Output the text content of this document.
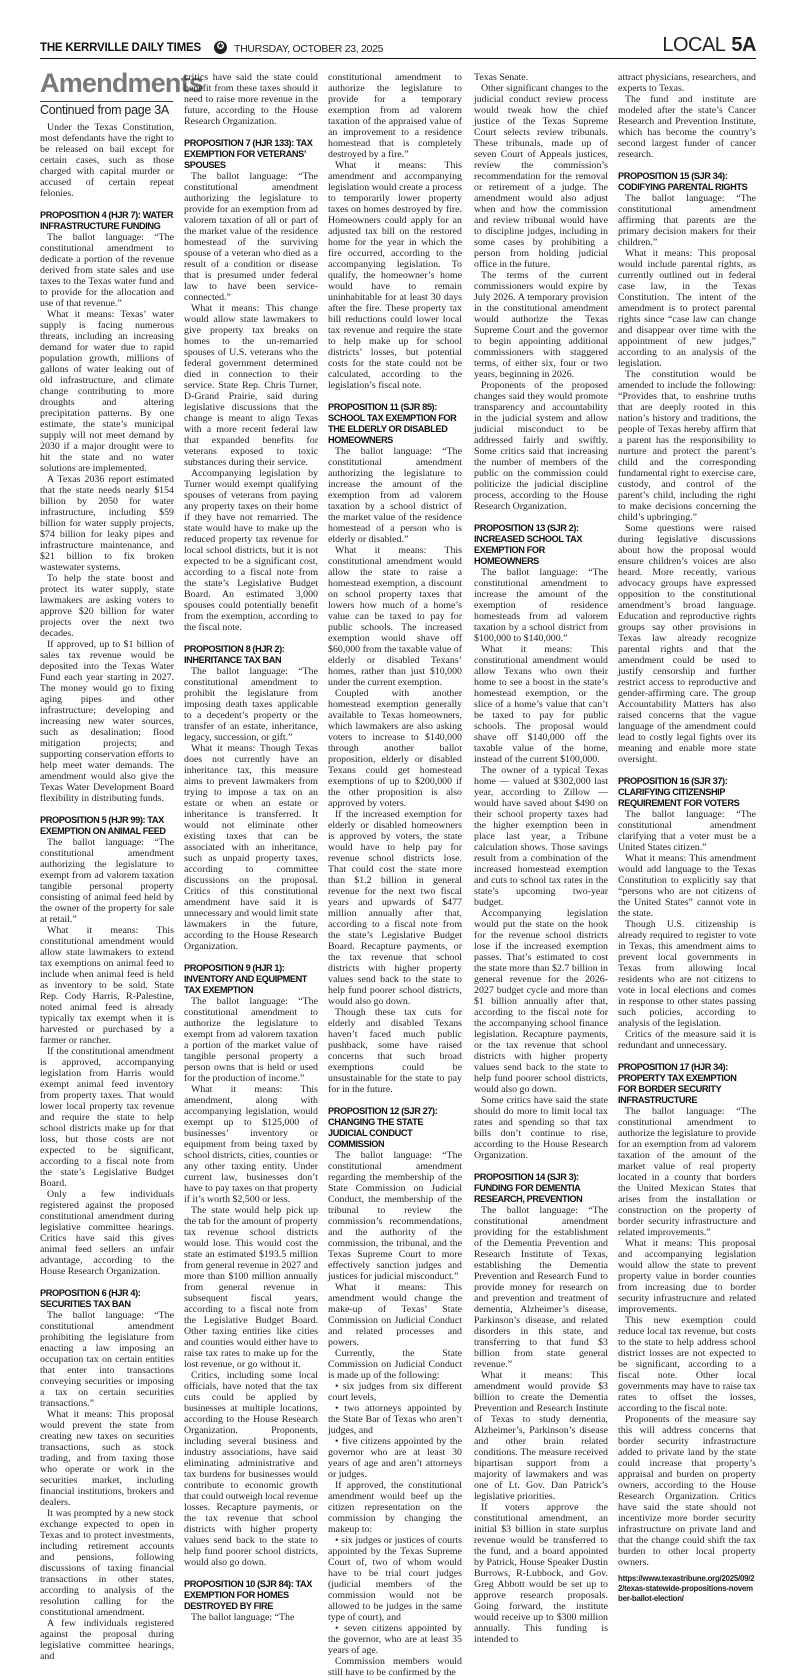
THE KERRVILLE DAILY TIMES	✪ THURSDAY, OCTOBER 23, 2025	LOCAL 5A
Amendments
Continued from page 3A

Under the Texas Constitution, most defendants have the right to be released on bail except for certain cases, such as those charged with capital murder or accused of certain repeat felonies.

PROPOSITION 4 (HJR 7): WATER INFRASTRUCTURE FUNDING

The ballot language: “The constitutional amendment to dedicate a portion of the revenue derived from state sales and use taxes to the Texas water fund and to provide for the allocation and use of that revenue.”

What it means: Texas’ water supply is facing numerous threats, including an increasing demand for water due to rapid population growth, millions of gallons of water leaking out of old infrastructure, and climate change contributing to more droughts and altering precipitation patterns. By one estimate, the state’s municipal supply will not meet demand by 2030 if a major drought were to hit the state and no water solutions are implemented.

A Texas 2036 report estimated that the state needs nearly $154 billion by 2050 for water infrastructure, including $59 billion for water supply projects, $74 billion for leaky pipes and infrastructure maintenance, and $21 billion to fix broken wastewater systems.

To help the state boost and protect its water supply, state lawmakers are asking voters to approve $20 billion for water projects over the next two decades.

If approved, up to $1 billion of sales tax revenue would be deposited into the Texas Water Fund each year starting in 2027. The money would go to fixing aging pipes and other infrastructure; developing and increasing new water sources, such as desalination; flood mitigation projects; and supporting conservation efforts to help meet water demands. The amendment would also give the Texas Water Development Board flexibility in distributing funds.

PROPOSITION 5 (HJR 99): TAX EXEMPTION ON ANIMAL FEED

The ballot language: “The constitutional amendment authorizing the legislature to exempt from ad valorem taxation tangible personal property consisting of animal feed held by the owner of the property for sale at retail.”

What it means: This constitutional amendment would allow state lawmakers to extend tax exemptions on animal feed to include when animal feed is held as inventory to be sold. State Rep. Cody Harris, R-Palestine, noted animal feed is already typically tax exempt when it is harvested or purchased by a farmer or rancher.

If the constitutional amendment is approved, accompanying legislation from Harris would exempt animal feed inventory from property taxes. That would lower local property tax revenue and require the state to help school districts make up for that loss, but those costs are not expected to be significant, according to a fiscal note from the state’s Legislative Budget Board.

Only a few individuals registered against the proposed constitutional amendment during legislative committee hearings. Critics have said this gives animal feed sellers an unfair advantage, according to the House Research Organization.

PROPOSITION 6 (HJR 4): SECURITIES TAX BAN

The ballot language: “The constitutional amendment prohibiting the legislature from enacting a law imposing an occupation tax on certain entities that enter into transactions conveying securities or imposing a tax on certain securities transactions.”

What it means: This proposal would prevent the state from creating new taxes on securities transactions, such as stock trading, and from taxing those who operate or work in the securities market, including financial institutions, brokers and dealers.

It was prompted by a new stock exchange expected to open in Texas and to protect investments, including retirement accounts and pensions, following discussions of taxing financial transactions in other states, according to analysis of the resolution calling for the constitutional amendment.

A few individuals registered against the proposal during legislative committee hearings, and

critics have said the state could benefit from these taxes should it need to raise more revenue in the future, according to the House Research Organization.

PROPOSITION 7 (HJR 133): TAX EXEMPTION FOR VETERANS’ SPOUSES

The ballot language: “The constitutional amendment authorizing the legislature to provide for an exemption from ad valorem taxation of all or part of the market value of the residence homestead of the surviving spouse of a veteran who died as a result of a condition or disease that is presumed under federal law to have been service-connected.”

What it means: This change would allow state lawmakers to give property tax breaks on homes to the un-remarried spouses of U.S. veterans who the federal government determined died in connection to their service. State Rep. Chris Turner, D-Grand Prairie, said during legislative discussions that the change is meant to align Texas with a more recent federal law that expanded benefits for veterans exposed to toxic substances during their service.

Accompanying legislation by Turner would exempt qualifying spouses of veterans from paying any property taxes on their home if they have not remarried. The state would have to make up the reduced property tax revenue for local school districts, but it is not expected to be a significant cost, according to a fiscal note from the state’s Legislative Budget Board. An estimated 3,000 spouses could potentially benefit from the exemption, according to the fiscal note.

PROPOSITION 8 (HJR 2): INHERITANCE TAX BAN

The ballot language: “The constitutional amendment to prohibit the legislature from imposing death taxes applicable to a decedent’s property or the transfer of an estate, inheritance, legacy, succession, or gift.”

What it means: Though Texas does not currently have an inheritance tax, this measure aims to prevent lawmakers from trying to impose a tax on an estate or when an estate or inheritance is transferred. It would not eliminate other existing taxes that can be associated with an inheritance, such as unpaid property taxes, according to committee discussions on the proposal. Critics of this constitutional amendment have said it is unnecessary and would limit state lawmakers in the future, according to the House Research Organization.

PROPOSITION 9 (HJR 1): INVENTORY AND EQUIPMENT TAX EXEMPTION

The ballot language: “The constitutional amendment to authorize the legislature to exempt from ad valorem taxation a portion of the market value of tangible personal property a person owns that is held or used for the production of income.”

What it means: This amendment, along with accompanying legislation, would exempt up to $125,000 of businesses’ inventory or equipment from being taxed by school districts, cities, counties or any other taxing entity. Under current law, businesses don’t have to pay taxes on that property if it’s worth $2,500 or less.

The state would help pick up the tab for the amount of property tax revenue school districts would lose. This would cost the state an estimated $193.5 million from general revenue in 2027 and more than $100 million annually from general revenue in subsequent fiscal years, according to a fiscal note from the Legislative Budget Board. Other taxing entities like cities and counties would either have to raise tax rates to make up for the lost revenue, or go without it.

Critics, including some local officials, have noted that the tax cuts could be applied by businesses at multiple locations, according to the House Research Organization. Proponents, including several business and industry associations, have said eliminating administrative and tax burdens for businesses would contribute to economic growth that could outweigh local revenue losses. Recapture payments, or the tax revenue that school districts with higher property values send back to the state to help fund poorer school districts, would also go down.

PROPOSITION 10 (SJR 84): TAX EXEMPTION FOR HOMES DESTROYED BY FIRE

The ballot language: “The

constitutional amendment to authorize the legislature to provide for a temporary exemption from ad valorem taxation of the appraised value of an improvement to a residence homestead that is completely destroyed by a fire.”

What it means: This amendment and accompanying legislation would create a process to temporarily lower property taxes on homes destroyed by fire. Homeowners could apply for an adjusted tax bill on the restored home for the year in which the fire occurred, according to the accompanying legislation. To qualify, the homeowner’s home would have to remain uninhabitable for at least 30 days after the fire. These property tax bill reductions could lower local tax revenue and require the state to help make up for school districts’ losses, but potential costs for the state could not be calculated, according to the legislation’s fiscal note.

PROPOSITION 11 (SJR 85): SCHOOL TAX EXEMPTION FOR THE ELDERLY OR DISABLED HOMEOWNERS

The ballot language: “The constitutional amendment authorizing the legislature to increase the amount of the exemption from ad valorem taxation by a school district of the market value of the residence homestead of a person who is elderly or disabled.”

What it means: This constitutional amendment would allow the state to raise a homestead exemption, a discount on school property taxes that lowers how much of a home’s value can be taxed to pay for public schools. The increased exemption would shave off $60,000 from the taxable value of elderly or disabled Texans’ homes, rather than just $10,000 under the current exemption.

Coupled with another homestead exemption generally available to Texas homeowners, which lawmakers are also asking voters to increase to $140,000 through another ballot proposition, elderly or disabled Texans could get homestead exemptions of up to $200,000 if the other proposition is also approved by voters.

If the increased exemption for elderly or disabled homeowners is approved by voters, the state would have to help pay for revenue school districts lose. That could cost the state more than $1.2 billion in general revenue for the next two fiscal years and upwards of $477 million annually after that, according to a fiscal note from the state’s Legislative Budget Board. Recapture payments, or the tax revenue that school districts with higher property values send back to the state to help fund poorer school districts, would also go down.

Though these tax cuts for elderly and disabled Texans haven’t faced much public pushback, some have raised concerns that such broad exemptions could be unsustainable for the state to pay for in the future.

PROPOSITION 12 (SJR 27): CHANGING THE STATE JUDICIAL CONDUCT COMMISSION

The ballot language: “The constitutional amendment regarding the membership of the State Commission on Judicial Conduct, the membership of the tribunal to review the commission’s recommendations, and the authority of the commission, the tribunal, and the Texas Supreme Court to more effectively sanction judges and justices for judicial misconduct.”

What it means: This amendment would change the make-up of Texas’ State Commission on Judicial Conduct and related processes and powers.

Currently, the State Commission on Judicial Conduct is made up of the following:

• six judges from six different court levels,

• two attorneys appointed by the State Bar of Texas who aren’t judges, and

• five citizens appointed by the governor who are at least 30 years of age and aren’t attorneys or judges.

If approved, the constitutional amendment would beef up the citizen representation on the commission by changing the makeup to:

• six judges or justices of courts appointed by the Texas Supreme Court of, two of whom would have to be trial court judges (judicial members of the commission would not be allowed to be judges in the same type of court), and

• seven citizens appointed by the governor, who are at least 35 years of age.

Commission members would still have to be confirmed by the

Texas Senate.

Other significant changes to the judicial conduct review process would tweak how the chief justice of the Texas Supreme Court selects review tribunals. These tribunals, made up of seven Court of Appeals justices, review the commission’s recommendation for the removal or retirement of a judge. The amendment would also adjust when and how the commission and review tribunal would have to discipline judges, including in some cases by prohibiting a person from holding judicial office in the future.

The terms of the current commissioners would expire by July 2026. A temporary provision in the constitutional amendment would authorize the Texas Supreme Court and the governor to begin appointing additional commissioners with staggered terms, of either six, four or two years, beginning in 2026.

Proponents of the proposed changes said they would promote transparency and accountability in the judicial system and allow judicial misconduct to be addressed fairly and swiftly. Some critics said that increasing the number of members of the public on the commission could politicize the judicial discipline process, according to the House Research Organization.

PROPOSITION 13 (SJR 2): INCREASED SCHOOL TAX EXEMPTION FOR HOMEOWNERS

The ballot language: “The constitutional amendment to increase the amount of the exemption of residence homesteads from ad valorem taxation by a school district from $100,000 to $140,000.”

What it means: This constitutional amendment would allow Texans who own their home to see a boost in the state’s homestead exemption, or the slice of a home’s value that can’t be taxed to pay for public schools. The proposal would shave off $140,000 off the taxable value of the home, instead of the current $100,000.

The owner of a typical Texas home — valued at $302,000 last year, according to Zillow — would have saved about $490 on their school property taxes had the higher exemption been in place last year, a Tribune calculation shows. Those savings result from a combination of the increased homestead exemption and cuts to school tax rates in the state’s upcoming two-year budget.

Accompanying legislation would put the state on the hook for the revenue school districts lose if the increased exemption passes. That’s estimated to cost the state more than $2.7 billion in general revenue for the 2026-2027 budget cycle and more than $1 billion annually after that, according to the fiscal note for the accompanying school finance legislation. Recapture payments, or the tax revenue that school districts with higher property values send back to the state to help fund poorer school districts, would also go down.

Some critics have said the state should do more to limit local tax rates and spending so that tax bills don’t continue to rise, according to the House Research Organization.

PROPOSITION 14 (SJR 3): FUNDING FOR DEMENTIA RESEARCH, PREVENTION

The ballot language: “The constitutional amendment providing for the establishment of the Dementia Prevention and Research Institute of Texas, establishing the Dementia Prevention and Research Fund to provide money for research on and prevention and treatment of dementia, Alzheimer’s disease, Parkinson’s disease, and related disorders in this state, and transferring to that fund $3 billion from state general revenue.”

What it means: This amendment would provide $3 billion to create the Dementia Prevention and Research Institute of Texas to study dementia, Alzheimer’s, Parkinson’s disease and other brain related conditions. The measure received bipartisan support from a majority of lawmakers and was one of Lt. Gov. Dan Patrick’s legislative priorities.

If voters approve the constitutional amendment, an initial $3 billion in state surplus revenue would be transferred to the fund, and a board appointed by Patrick, House Speaker Dustin Burrows, R-Lubbock, and Gov. Greg Abbott would be set up to approve research proposals. Going forward, the institute would receive up to $300 million annually. This funding is intended to

attract physicians, researchers, and experts to Texas.

The fund and institute are modeled after the state’s Cancer Research and Prevention Institute, which has become the country’s second largest funder of cancer research.

PROPOSITION 15 (SJR 34): CODIFYING PARENTAL RIGHTS

The ballot language: “The constitutional amendment affirming that parents are the primary decision makers for their children.”

What it means: This proposal would include parental rights, as currently outlined out in federal case law, in the Texas Constitution. The intent of the amendment is to protect parental rights since “case law can change and disappear over time with the appointment of new judges,” according to an analysis of the legislation.

The constitution would be amended to include the following: “Provides that, to enshrine truths that are deeply rooted in this nation’s history and traditions, the people of Texas hereby affirm that a parent has the responsibility to nurture and protect the parent’s child and the corresponding fundamental right to exercise care, custody, and control of the parent’s child, including the right to make decisions concerning the child’s upbringing.”

Some questions were raised during legislative discussions about how the proposal would ensure children’s voices are also heard. More recently, various advocacy groups have expressed opposition to the constitutional amendment’s broad language. Education and reproductive rights groups say other provisions in Texas law already recognize parental rights and that the amendment could be used to justify censorship and further restrict access to reproductive and gender-affirming care. The group Accountability Matters has also raised concerns that the vague language of the amendment could lead to costly legal fights over its meaning and enable more state oversight.

PROPOSITION 16 (SJR 37): CLARIFYING CITIZENSHIP REQUIREMENT FOR VOTERS

The ballot language: “The constitutional amendment clarifying that a voter must be a United States citizen.”

What it means: This amendment would add language to the Texas Constitution to explicitly say that “persons who are not citizens of the United States” cannot vote in the state.

Though U.S. citizenship is already required to register to vote in Texas, this amendment aims to prevent local governments in Texas from allowing local residents who are not citizens to vote in local elections and comes in response to other states passing such policies, according to analysis of the legislation.

Critics of the measure said it is redundant and unnecessary.

PROPOSITION 17 (HJR 34): PROPERTY TAX EXEMPTION FOR BORDER SECURITY INFRASTRUCTURE

The ballot language: “The constitutional amendment to authorize the legislature to provide for an exemption from ad valorem taxation of the amount of the market value of real property located in a county that borders the United Mexican States that arises from the installation or construction on the property of border security infrastructure and related improvements.”

What it means: This proposal and accompanying legislation would allow the state to prevent property value in border counties from increasing due to border security infrastructure and related improvements.

This new exemption could reduce local tax revenue, but costs to the state to help address school district losses are not expected to be significant, according to a fiscal note. Other local governments may have to raise tax rates to offset the losses, according to the fiscal note.

Proponents of the measure say this will address concerns that border security infrastructure added to private land by the state could increase that property’s appraisal and burden on property owners, according to the House Research Organization. Critics have said the state should not incentivize more border security infrastructure on private land and that the change could shift the tax burden to other local property owners.

https://www.texastribune.org/2025/09/22/texas-statewide-propositions-november-ballot-election/
